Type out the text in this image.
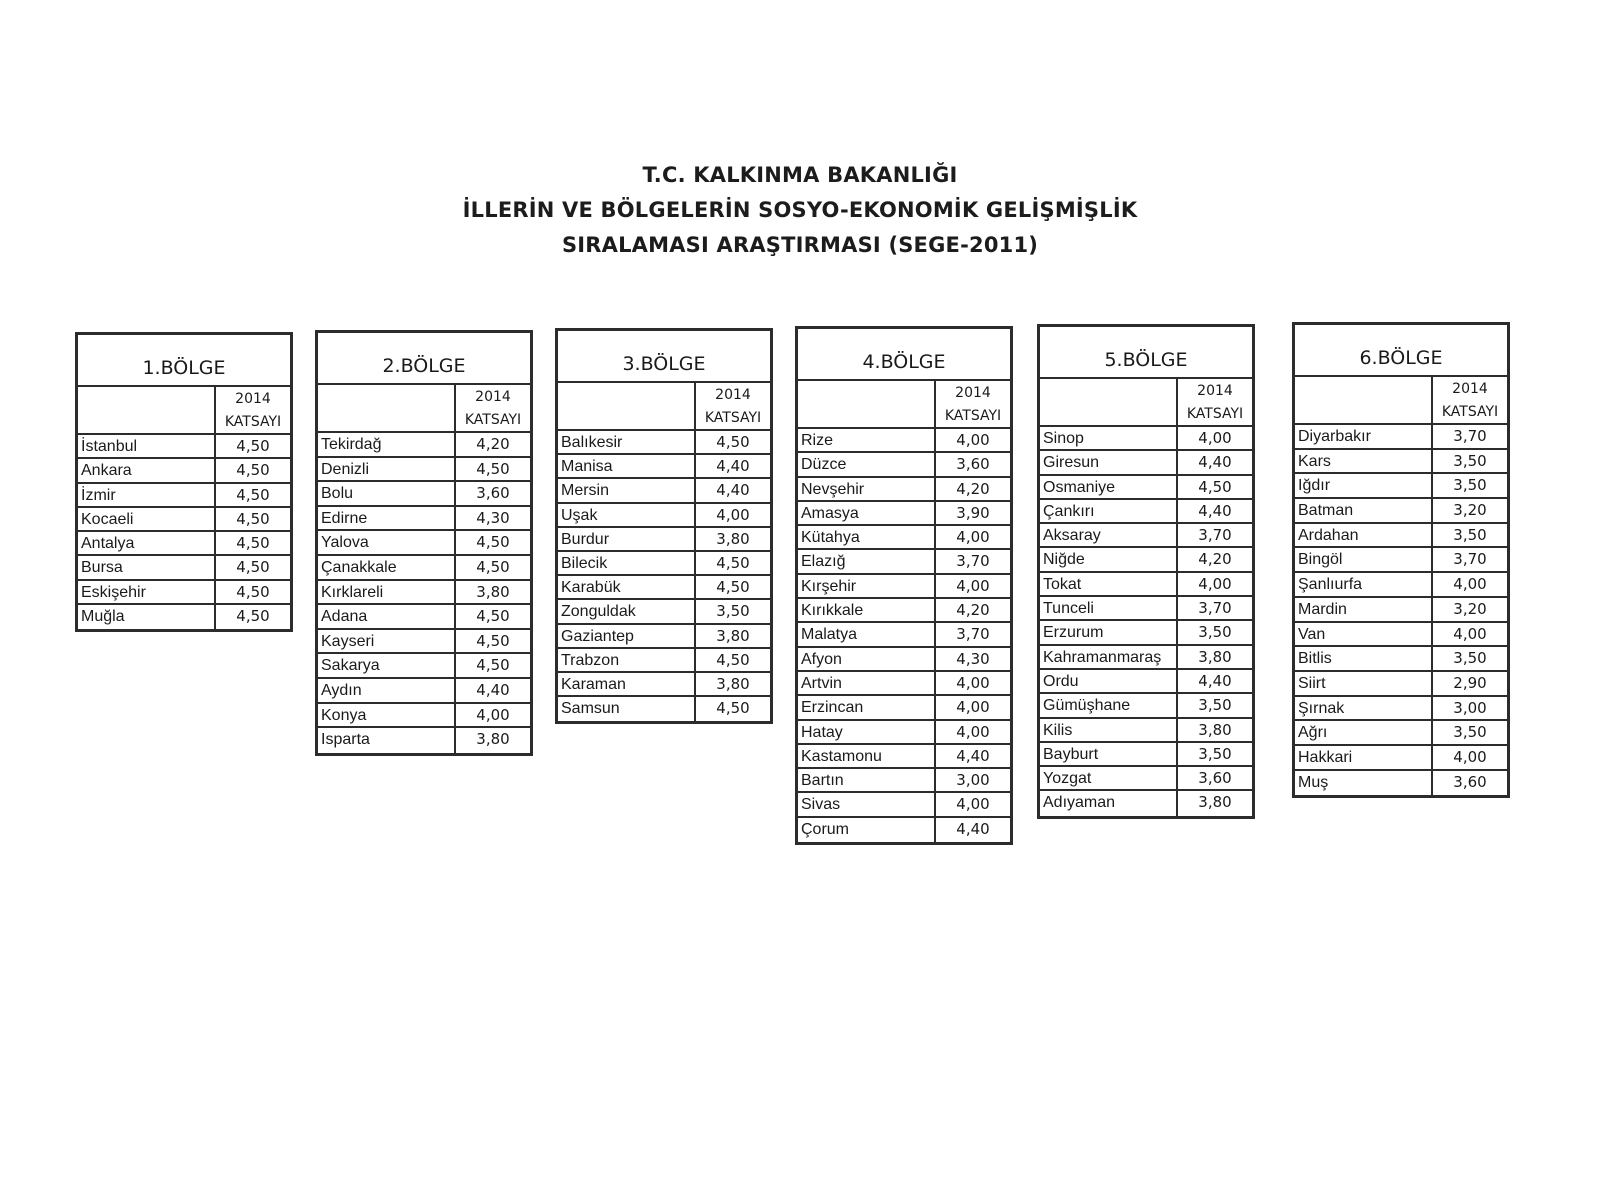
T.C. KALKINMA BAKANLIĞI
İLLERİN VE BÖLGELERİN SOSYO-EKONOMİK GELİŞMİŞLİK
SIRALAMASI ARAŞTIRMASI (SEGE-2011)
1.BÖLGE
2014
KATSAYI
İstanbul	4,50
Ankara	4,50
İzmir	4,50
Kocaeli	4,50
Antalya	4,50
Bursa	4,50
Eskişehir	4,50
Muğla	4,50
2.BÖLGE
2014
KATSAYI
Tekirdağ	4,20
Denizli	4,50
Bolu	3,60
Edirne	4,30
Yalova	4,50
Çanakkale	4,50
Kırklareli	3,80
Adana	4,50
Kayseri	4,50
Sakarya	4,50
Aydın	4,40
Konya	4,00
Isparta	3,80
3.BÖLGE
2014
KATSAYI
Balıkesir	4,50
Manisa	4,40
Mersin	4,40
Uşak	4,00
Burdur	3,80
Bilecik	4,50
Karabük	4,50
Zonguldak	3,50
Gaziantep	3,80
Trabzon	4,50
Karaman	3,80
Samsun	4,50
4.BÖLGE
2014
KATSAYI
Rize	4,00
Düzce	3,60
Nevşehir	4,20
Amasya	3,90
Kütahya	4,00
Elazığ	3,70
Kırşehir	4,00
Kırıkkale	4,20
Malatya	3,70
Afyon	4,30
Artvin	4,00
Erzincan	4,00
Hatay	4,00
Kastamonu	4,40
Bartın	3,00
Sivas	4,00
Çorum	4,40
5.BÖLGE
2014
KATSAYI
Sinop	4,00
Giresun	4,40
Osmaniye	4,50
Çankırı	4,40
Aksaray	3,70
Niğde	4,20
Tokat	4,00
Tunceli	3,70
Erzurum	3,50
Kahramanmaraş	3,80
Ordu	4,40
Gümüşhane	3,50
Kilis	3,80
Bayburt	3,50
Yozgat	3,60
Adıyaman	3,80
6.BÖLGE
2014
KATSAYI
Diyarbakır	3,70
Kars	3,50
Iğdır	3,50
Batman	3,20
Ardahan	3,50
Bingöl	3,70
Şanlıurfa	4,00
Mardin	3,20
Van	4,00
Bitlis	3,50
Siirt	2,90
Şırnak	3,00
Ağrı	3,50
Hakkari	4,00
Muş	3,60
